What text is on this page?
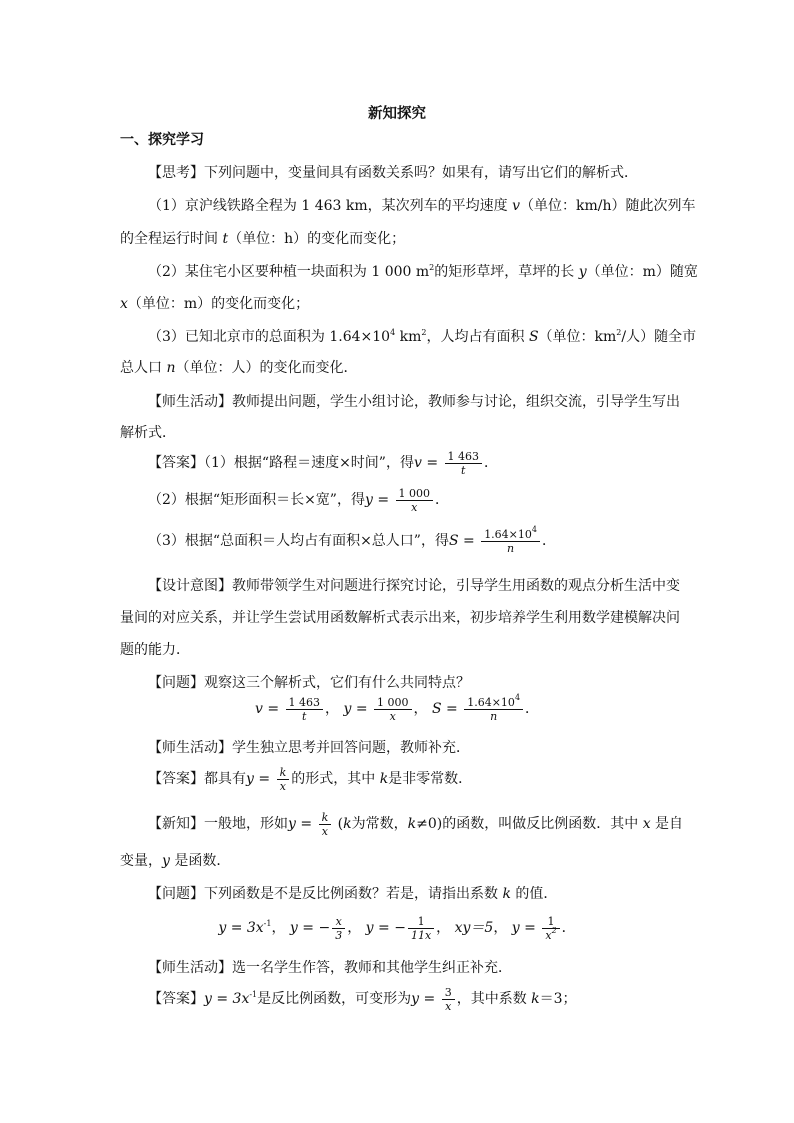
新知探究
一、探究学习
【思考】下列问题中，变量间具有函数关系吗？如果有，请写出它们的解析式．
（1）京沪线铁路全程为 1 463 km，某次列车的平均速度 v（单位：km/h）随此次列车
的全程运行时间 t（单位：h）的变化而变化；
（2）某住宅小区要种植一块面积为 1 000 $m^2$的矩形草坪，草坪的长 y（单位：m）随宽
x（单位：m）的变化而变化；
（3）已知北京市的总面积为 $1.64\times 10^4$ $km^2$，人均占有面积 S（单位：$km^2/$人）随全市
总人口 n（单位：人）的变化而变化．
【师生活动】教师提出问题，学生小组讨论，教师参与讨论，组织交流，引导学生写出
解析式．
【答案】（1）根据“路程＝速度×时间”，得$v = \frac{1 463}{t}$ ．
（2）根据“矩形面积＝长×宽”，得$y = \frac{1 000}{x}$ ．
（3）根据“总面积＝人均占有面积×总人口”，得$S = \frac{1.64\times 10^4}{n}$ ．
【设计意图】教师带领学生对问题进行探究讨论，引导学生用函数的观点分析生活中变
量间的对应关系，并让学生尝试用函数解析式表示出来，初步培养学生利用数学建模解决问
题的能力．
【问题】观察这三个解析式，它们有什么共同特点？
$v = \frac{1 463}{t}$ ， $y = \frac{1 000}{x}$ ， $S = \frac{1.64\times 10^4}{n}$ ．
【师生活动】学生独立思考并回答问题，教师补充．
【答案】都具有$y = \frac{k}{x}$ 的形式，其中 k是非零常数．
【新知】一般地，形如$y = \frac{k}{x} (k$为常数，k≠0)的函数，叫做反比例函数．其中 x 是自
变量，y 是函数．
【问题】下列函数是不是反比例函数？若是，请指出系数 k 的值．
$y = 3x^{-1}$， y = − $\frac{x}{3}$ ， y = − $\frac{1}{11x}$ ， xy＝5， $y = \frac{1}{x^2}$ ．
【师生活动】选一名学生作答，教师和其他学生纠正补充．
【答案】$y = 3x^{-1}$是反比例函数，可变形为$y = \frac{3}{x}$ ，其中系数 k＝3；
